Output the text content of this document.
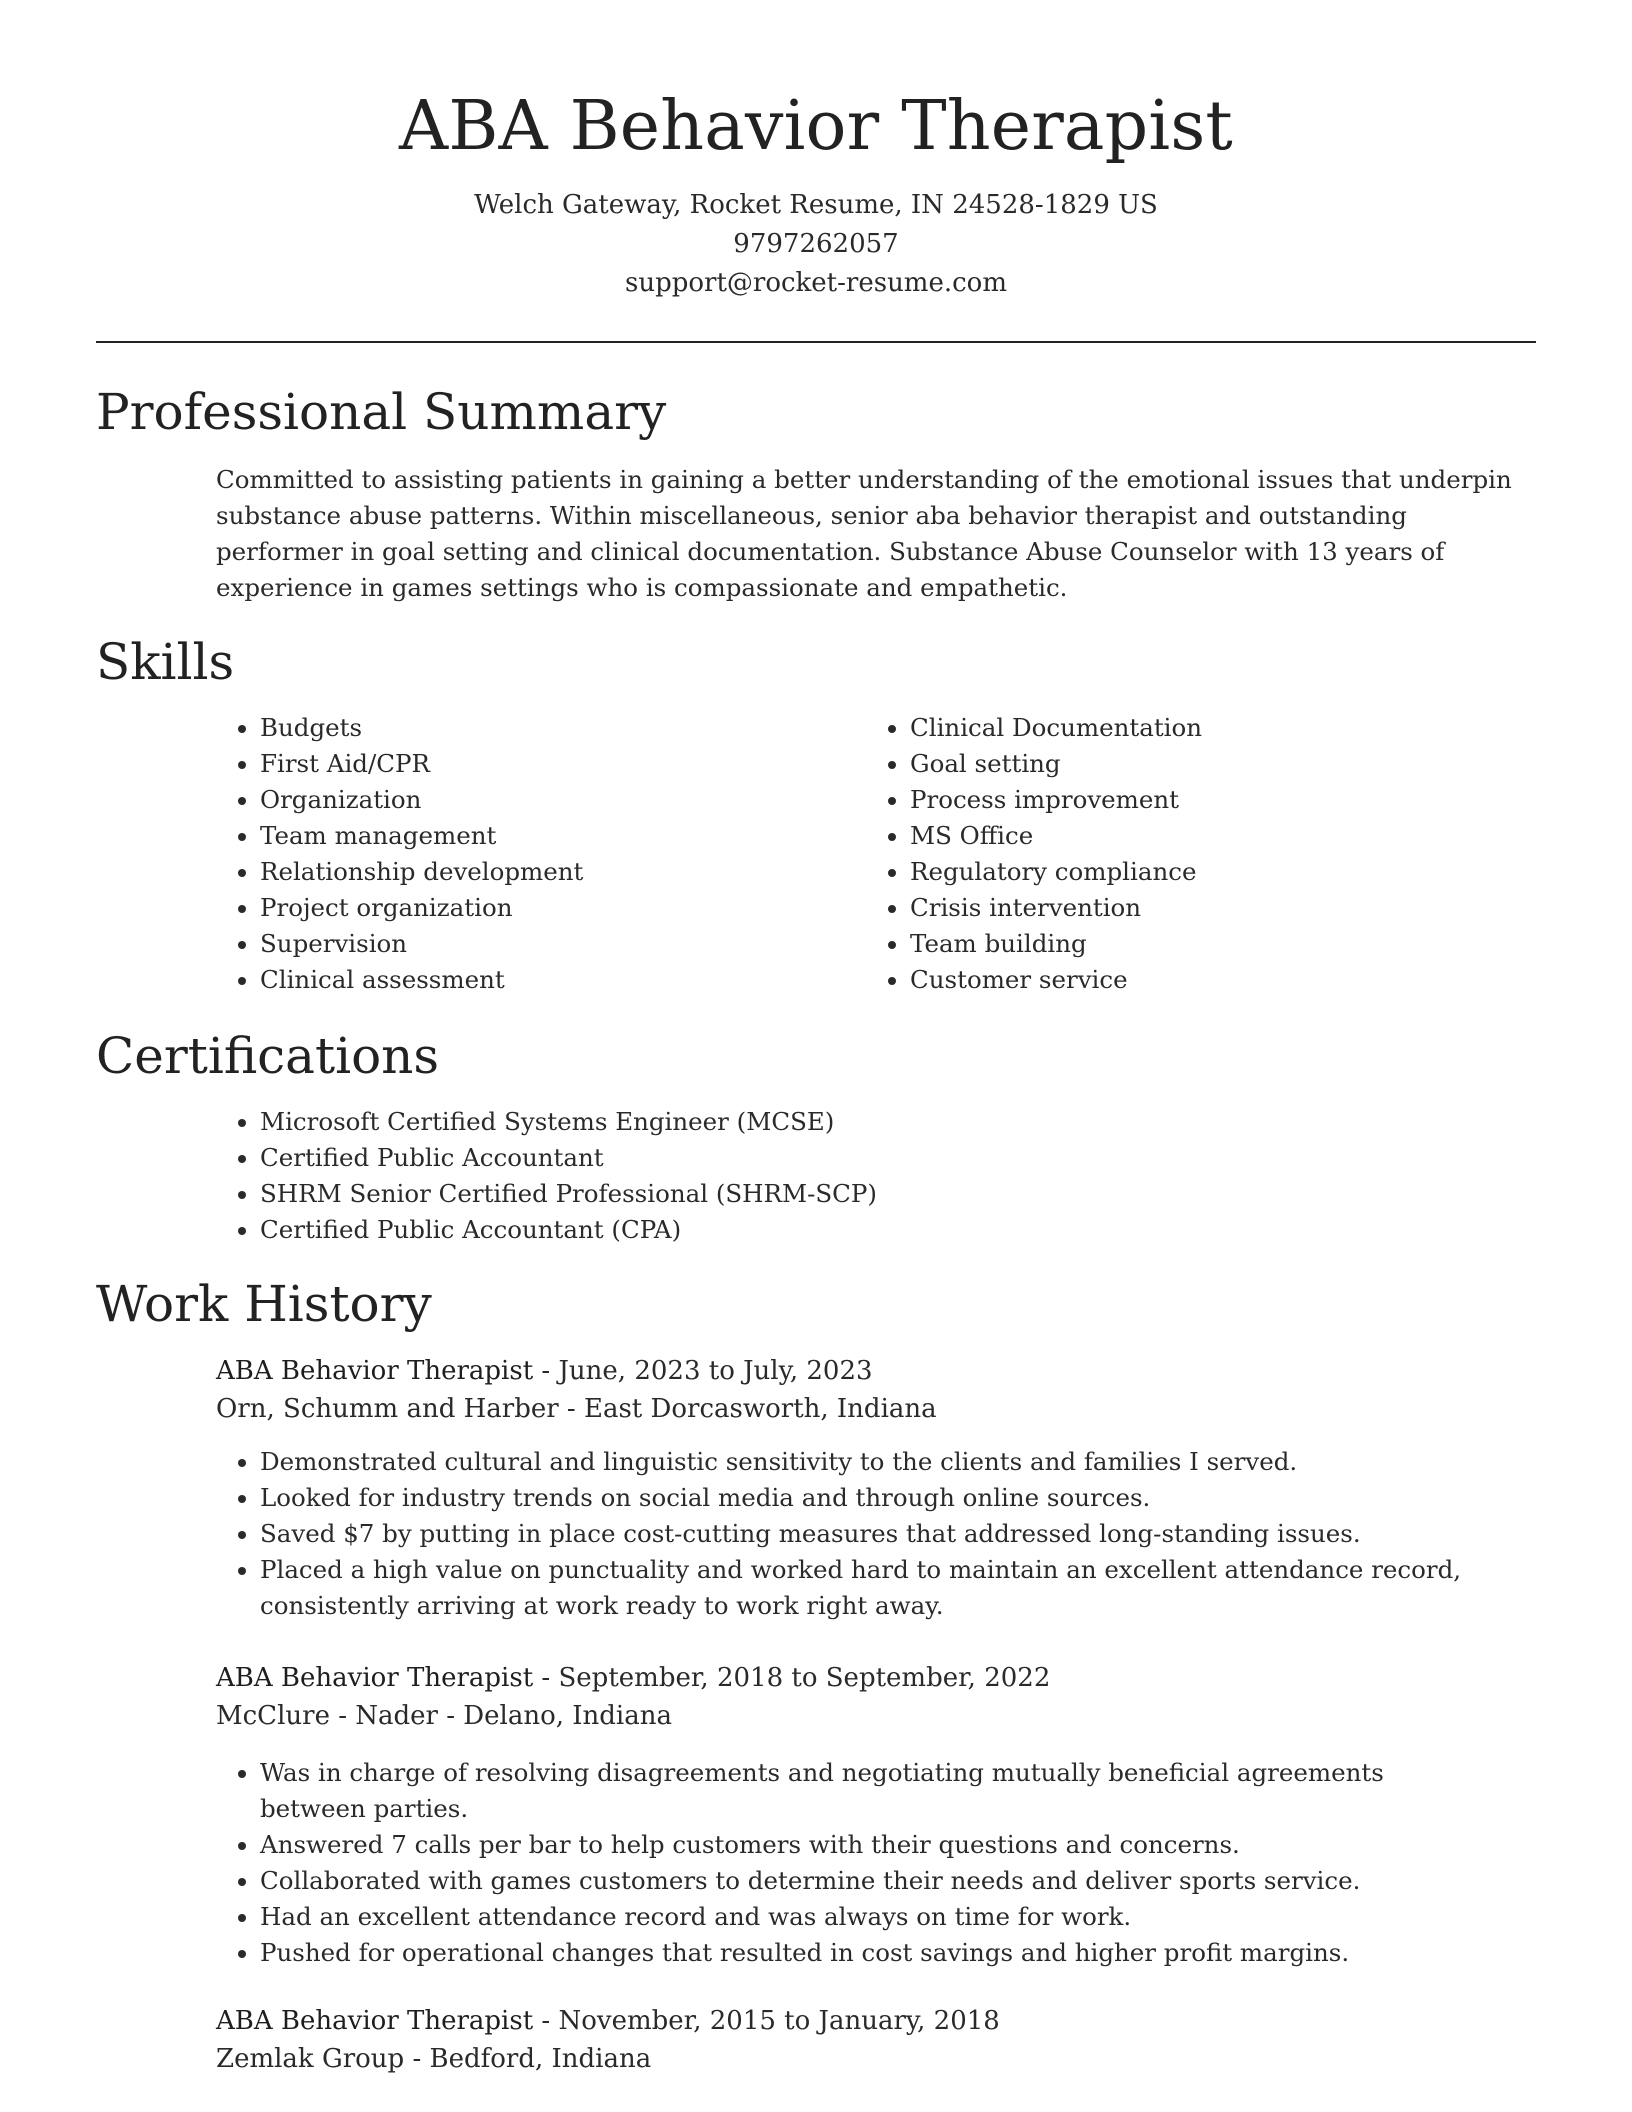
ABA Behavior Therapist
Welch Gateway, Rocket Resume, IN 24528-1829 US
9797262057
support@rocket-resume.com
Professional Summary
Committed to assisting patients in gaining a better understanding of the emotional issues that underpin substance abuse patterns. Within miscellaneous, senior aba behavior therapist and outstanding performer in goal setting and clinical documentation. Substance Abuse Counselor with 13 years of experience in games settings who is compassionate and empathetic.
Skills
• Budgets
• First Aid/CPR
• Organization
• Team management
• Relationship development
• Project organization
• Supervision
• Clinical assessment
• Clinical Documentation
• Goal setting
• Process improvement
• MS Office
• Regulatory compliance
• Crisis intervention
• Team building
• Customer service
Certifications
• Microsoft Certified Systems Engineer (MCSE)
• Certified Public Accountant
• SHRM Senior Certified Professional (SHRM-SCP)
• Certified Public Accountant (CPA)
Work History
ABA Behavior Therapist - June, 2023 to July, 2023
Orn, Schumm and Harber - East Dorcasworth, Indiana
• Demonstrated cultural and linguistic sensitivity to the clients and families I served.
• Looked for industry trends on social media and through online sources.
• Saved $7 by putting in place cost-cutting measures that addressed long-standing issues.
• Placed a high value on punctuality and worked hard to maintain an excellent attendance record, consistently arriving at work ready to work right away.
ABA Behavior Therapist - September, 2018 to September, 2022
McClure - Nader - Delano, Indiana
• Was in charge of resolving disagreements and negotiating mutually beneficial agreements between parties.
• Answered 7 calls per bar to help customers with their questions and concerns.
• Collaborated with games customers to determine their needs and deliver sports service.
• Had an excellent attendance record and was always on time for work.
• Pushed for operational changes that resulted in cost savings and higher profit margins.
ABA Behavior Therapist - November, 2015 to January, 2018
Zemlak Group - Bedford, Indiana
